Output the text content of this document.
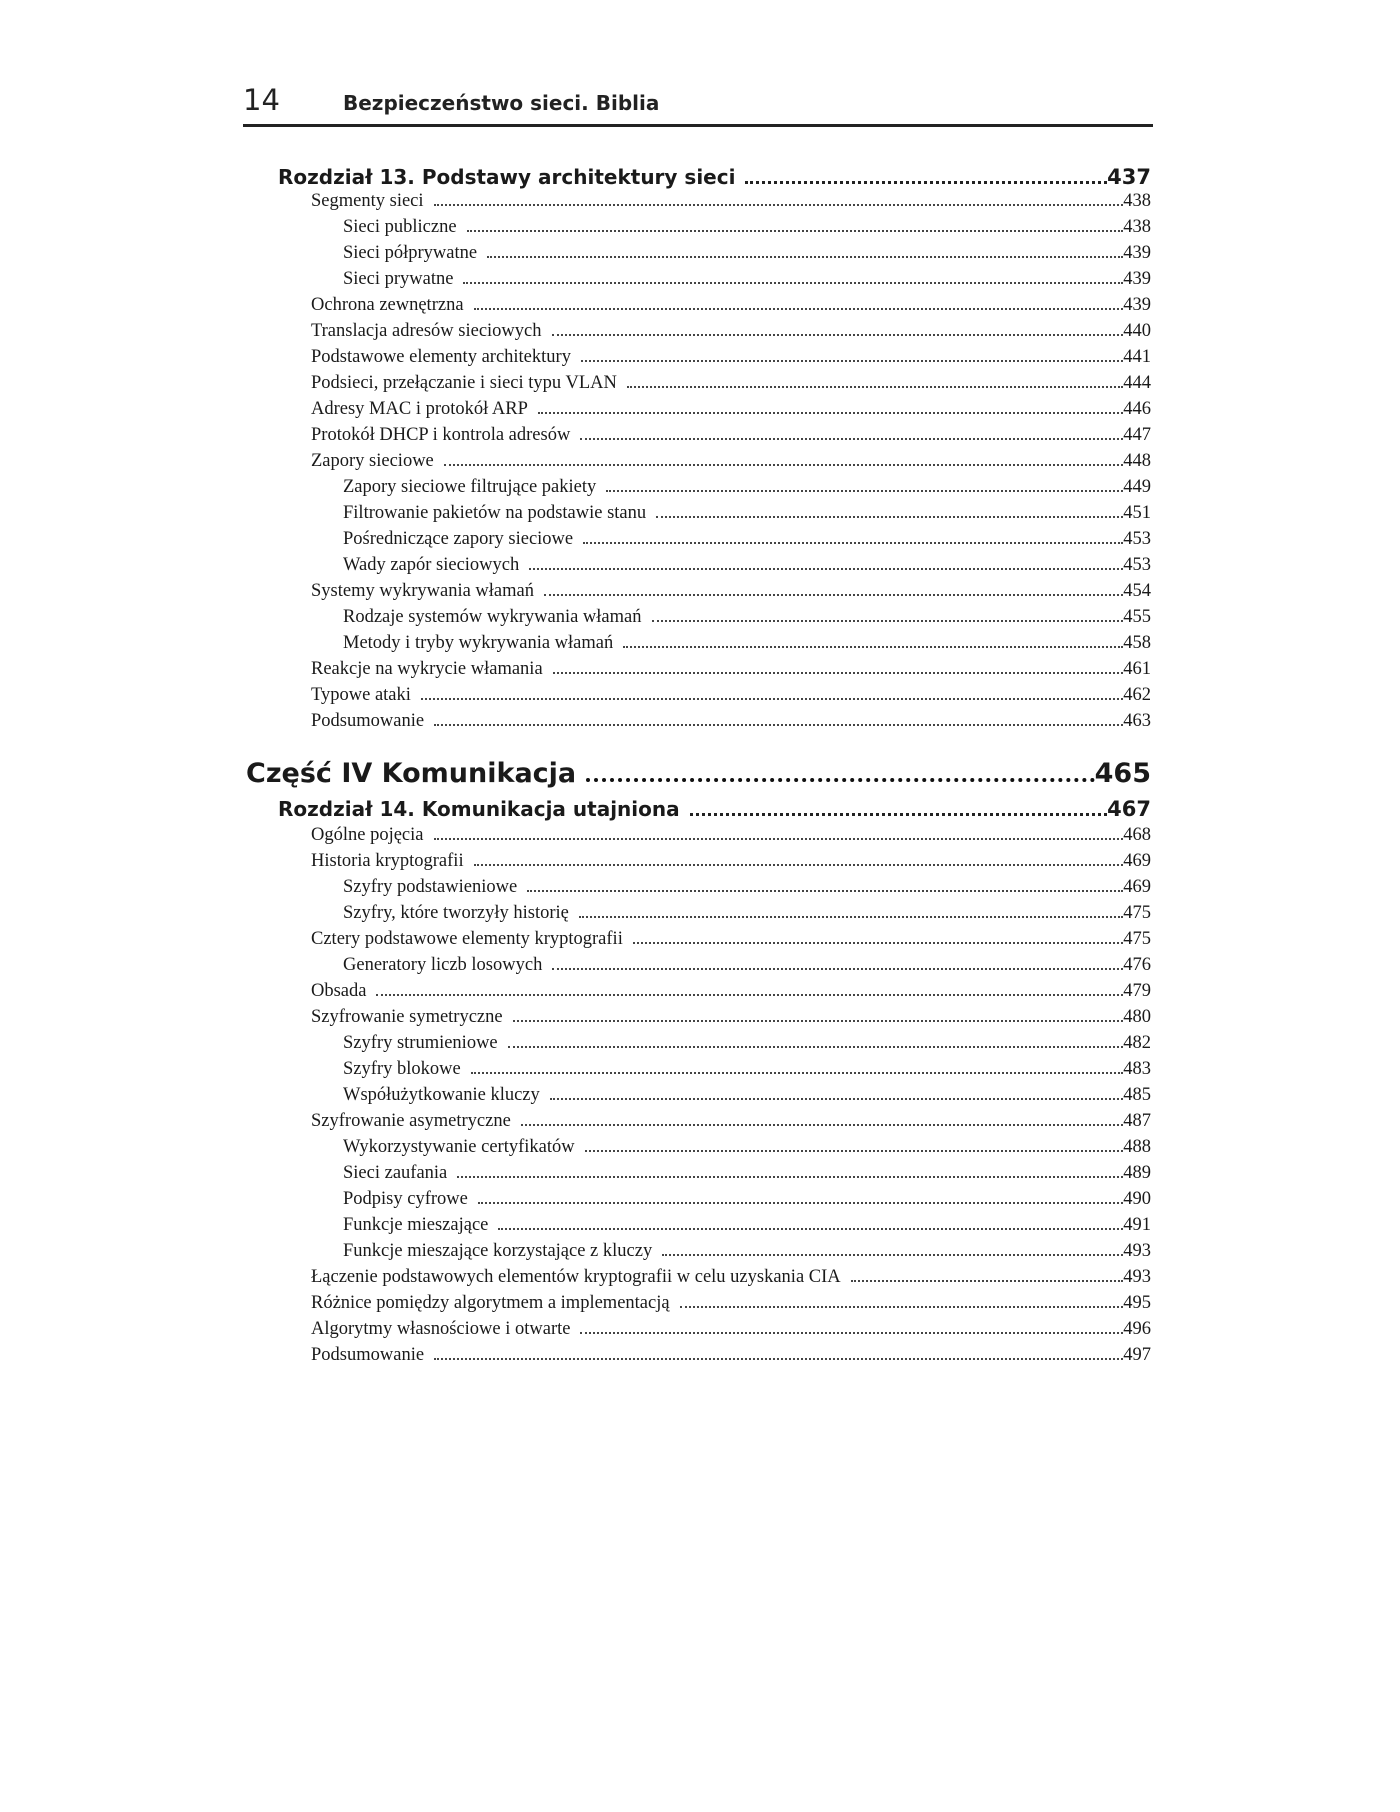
14	Bezpieczeństwo sieci. Biblia
Rozdział 13. Podstawy architektury sieci	437
Segmenty sieci	438
Sieci publiczne	438
Sieci półprywatne	439
Sieci prywatne	439
Ochrona zewnętrzna	439
Translacja adresów sieciowych	440
Podstawowe elementy architektury	441
Podsieci, przełączanie i sieci typu VLAN	444
Adresy MAC i protokół ARP	446
Protokół DHCP i kontrola adresów	447
Zapory sieciowe	448
Zapory sieciowe filtrujące pakiety	449
Filtrowanie pakietów na podstawie stanu	451
Pośredniczące zapory sieciowe	453
Wady zapór sieciowych	453
Systemy wykrywania włamań	454
Rodzaje systemów wykrywania włamań	455
Metody i tryby wykrywania włamań	458
Reakcje na wykrycie włamania	461
Typowe ataki	462
Podsumowanie	463
Część IV Komunikacja	465
Rozdział 14. Komunikacja utajniona	467
Ogólne pojęcia	468
Historia kryptografii	469
Szyfry podstawieniowe	469
Szyfry, które tworzyły historię	475
Cztery podstawowe elementy kryptografii	475
Generatory liczb losowych	476
Obsada	479
Szyfrowanie symetryczne	480
Szyfry strumieniowe	482
Szyfry blokowe	483
Współużytkowanie kluczy	485
Szyfrowanie asymetryczne	487
Wykorzystywanie certyfikatów	488
Sieci zaufania	489
Podpisy cyfrowe	490
Funkcje mieszające	491
Funkcje mieszające korzystające z kluczy	493
Łączenie podstawowych elementów kryptografii w celu uzyskania CIA	493
Różnice pomiędzy algorytmem a implementacją	495
Algorytmy własnościowe i otwarte	496
Podsumowanie	497
